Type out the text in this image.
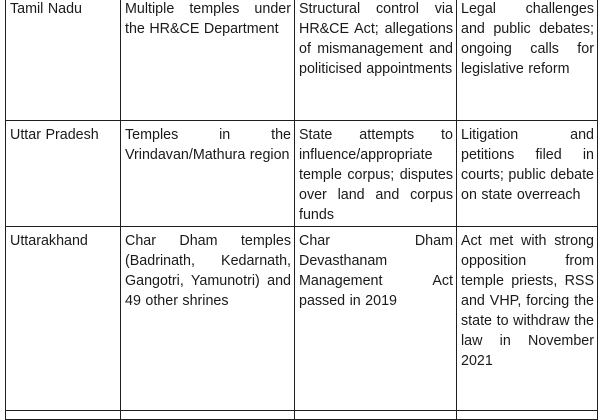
Tamil Nadu	Multiple temples under the HR&CE Department	Structural control via HR&CE Act; allegations of mismanagement and politicised appointments	Legal challenges and public debates; ongoing calls for legislative reform
Uttar Pradesh	Temples in the Vrindavan/Mathura region	State attempts to influence/appropriate temple corpus; disputes over land and corpus funds	Litigation and petitions filed in courts; public debate on state overreach
Uttarakhand	Char Dham temples (Badrinath, Kedarnath, Gangotri, Yamunotri) and 49 other shrines	Char Dham Devasthanam Management Act passed in 2019	Act met with strong opposition from temple priests, RSS and VHP, forcing the state to withdraw the law in November 2021
